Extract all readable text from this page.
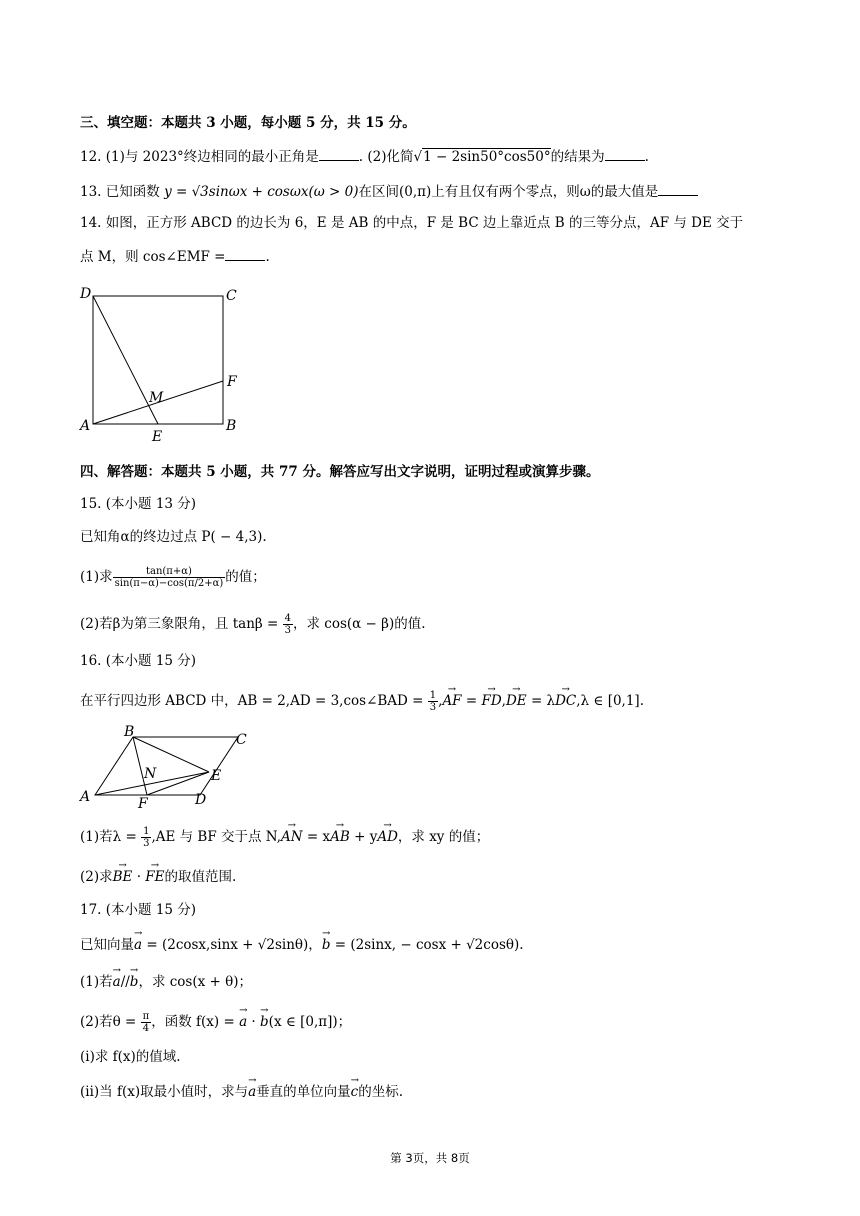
三、填空题：本题共 3 小题，每小题 5 分，共 15 分。
12. (1)与 2023°终边相同的最小正角是	. (2)化简√1 − 2sin50°cos50°的结果为	.
13. 已知函数 y = √3sinωx + cosωx(ω > 0)在区间(0,π)上有且仅有两个零点，则ω的最大值是
14. 如图，正方形 ABCD 的边长为 6，E 是 AB 的中点，F 是 BC 边上靠近点 B 的三等分点，AF 与 DE 交于
点 M，则 cos∠EMF =	.
D	C
A	B
E
F
M
四、解答题：本题共 5 小题，共 77 分。解答应写出文字说明，证明过程或演算步骤。
15. (本小题 13 分)
已知角α的终边过点 P( − 4,3).
(1)求 $\frac{\tan(\pi+\alpha)}{\sin(\pi-\alpha)-\cos(\pi/2+\alpha)}$ 的值；
(2)若β为第三象限角，且 $\tan\beta = \frac{4}{3}$ ，求 cos(α − β)的值.
16. (本小题 15 分)
在平行四边形 ABCD 中，AB = 2,AD = 3,cos∠BAD = $\frac{1}{3}$ ,→ AF = → FD,→ DE = λ→ DC,λ ∈ [0,1].
B	C
A	D
E
F
N
(1)若$\lambda = \frac{1}{3} ,AE$ 与 BF 交于点 N,→ AN = x→ AB + y→ AD，求 xy 的值；
(2)求→ BE · → FE的取值范围.
17. (本小题 15 分)
已知向量→ a = (2cosx,sinx + √2sinθ)，→ b = (2sinx, − cosx + √2cosθ).
(1)若→ a//→ b，求 cos(x + θ)；
(2)若$\theta = \frac{\pi}{4}$ ，函数 f(x) = → a · → b(x ∈ [0,π])；
(ⅰ)求 f(x)的值域.
(ⅱ)当 f(x)取最小值时，求与→ a垂直的单位向量→ c的坐标.
第 3页，共 8页
